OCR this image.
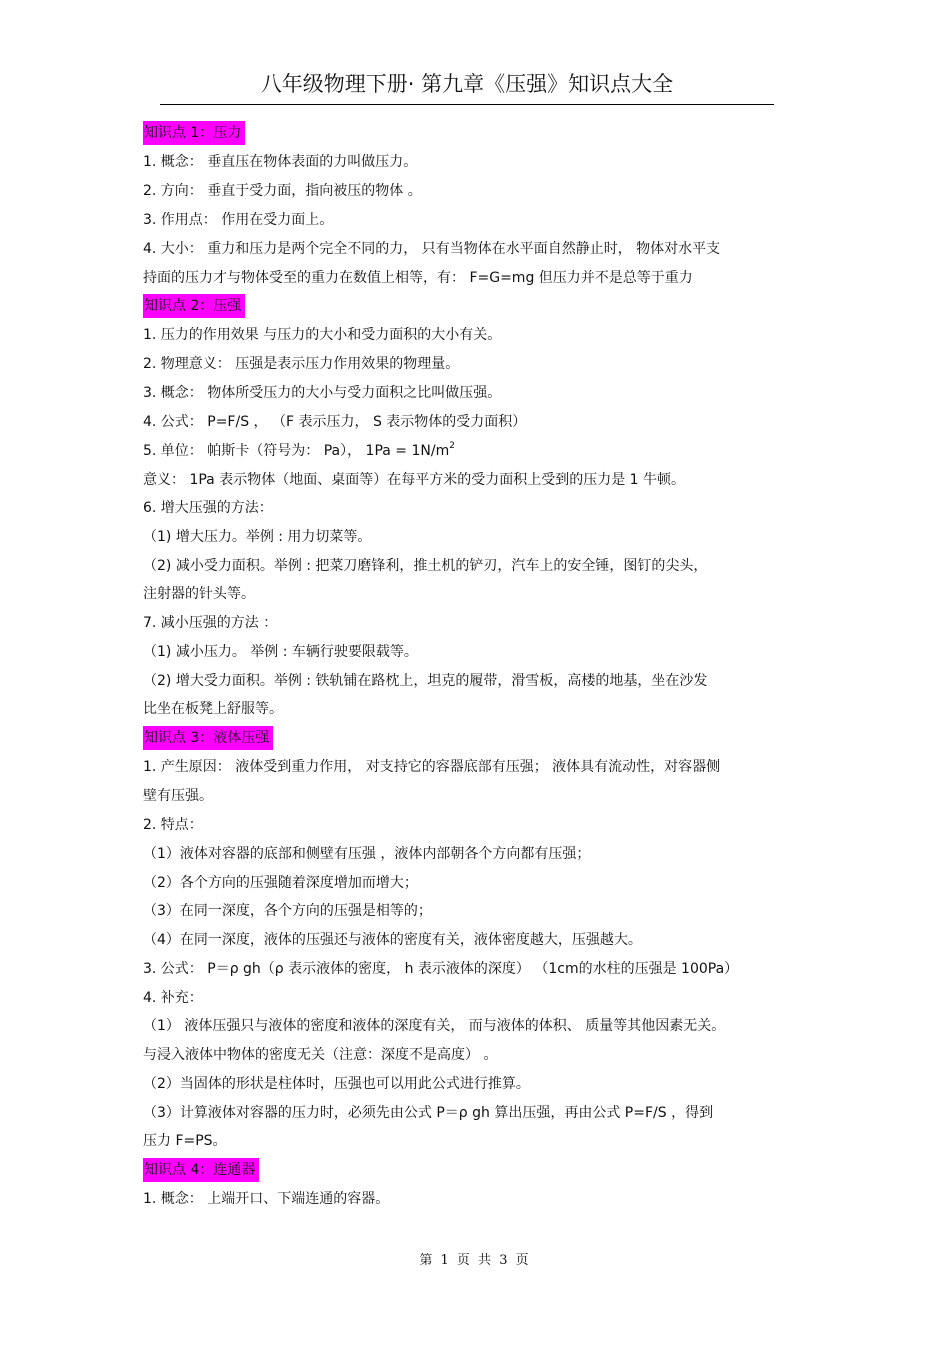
八年级物理下册· 第九章《压强》知识点大全
知识点 1：压力
1. 概念： 垂直压在物体表面的力叫做压力。
2. 方向： 垂直于受力面，指向被压的物体 。
3. 作用点： 作用在受力面上。
4. 大小： 重力和压力是两个完全不同的力， 只有当物体在水平面自然静止时， 物体对水平支
持面的压力才与物体受至的重力在数值上相等，有： F=G=mg 但压力并不是总等于重力
知识点 2：压强
1. 压力的作用效果 与压力的大小和受力面积的大小有关。
2. 物理意义： 压强是表示压力作用效果的物理量。
3. 概念： 物体所受压力的大小与受力面积之比叫做压强。
4. 公式： P=F/S ， （F 表示压力， S 表示物体的受力面积）
5. 单位： 帕斯卡（符号为： Pa）， $1Pa = 1N/m^2$
意义： 1Pa 表示物体（地面、桌面等）在每平方米的受力面积上受到的压力是 1 牛顿。
6. 增大压强的方法：
（1) 增大压力。举例 : 用力切菜等。
（2) 减小受力面积。举例 : 把菜刀磨锋利，推土机的铲刃，汽车上的安全锤，图钉的尖头，
注射器的针头等。
7. 减小压强的方法 ：
（1) 减小压力。 举例 : 车辆行驶要限载等。
（2) 增大受力面积。举例 : 铁轨铺在路枕上，坦克的履带，滑雪板，高楼的地基，坐在沙发
比坐在板凳上舒服等。
知识点 3：液体压强
1. 产生原因： 液体受到重力作用， 对支持它的容器底部有压强； 液体具有流动性，对容器侧
壁有压强。
2. 特点：
（1）液体对容器的底部和侧壁有压强 ，液体内部朝各个方向都有压强；
（2）各个方向的压强随着深度增加而增大；
（3）在同一深度，各个方向的压强是相等的；
（4）在同一深度，液体的压强还与液体的密度有关，液体密度越大，压强越大。
3. 公式： P＝ρ gh（ρ 表示液体的密度， h 表示液体的深度） （1cm的水柱的压强是 100Pa）
4. 补充：
（1） 液体压强只与液体的密度和液体的深度有关， 而与液体的体积、 质量等其他因素无关。
与浸入液体中物体的密度无关（注意：深度不是高度） 。
（2）当固体的形状是柱体时，压强也可以用此公式进行推算。
（3）计算液体对容器的压力时，必须先由公式 P＝ρ gh 算出压强，再由公式 P=F/S ，得到
压力 F=PS。
知识点 4：连通器
1. 概念： 上端开口、下端连通的容器。
第 1 页 共 3 页
